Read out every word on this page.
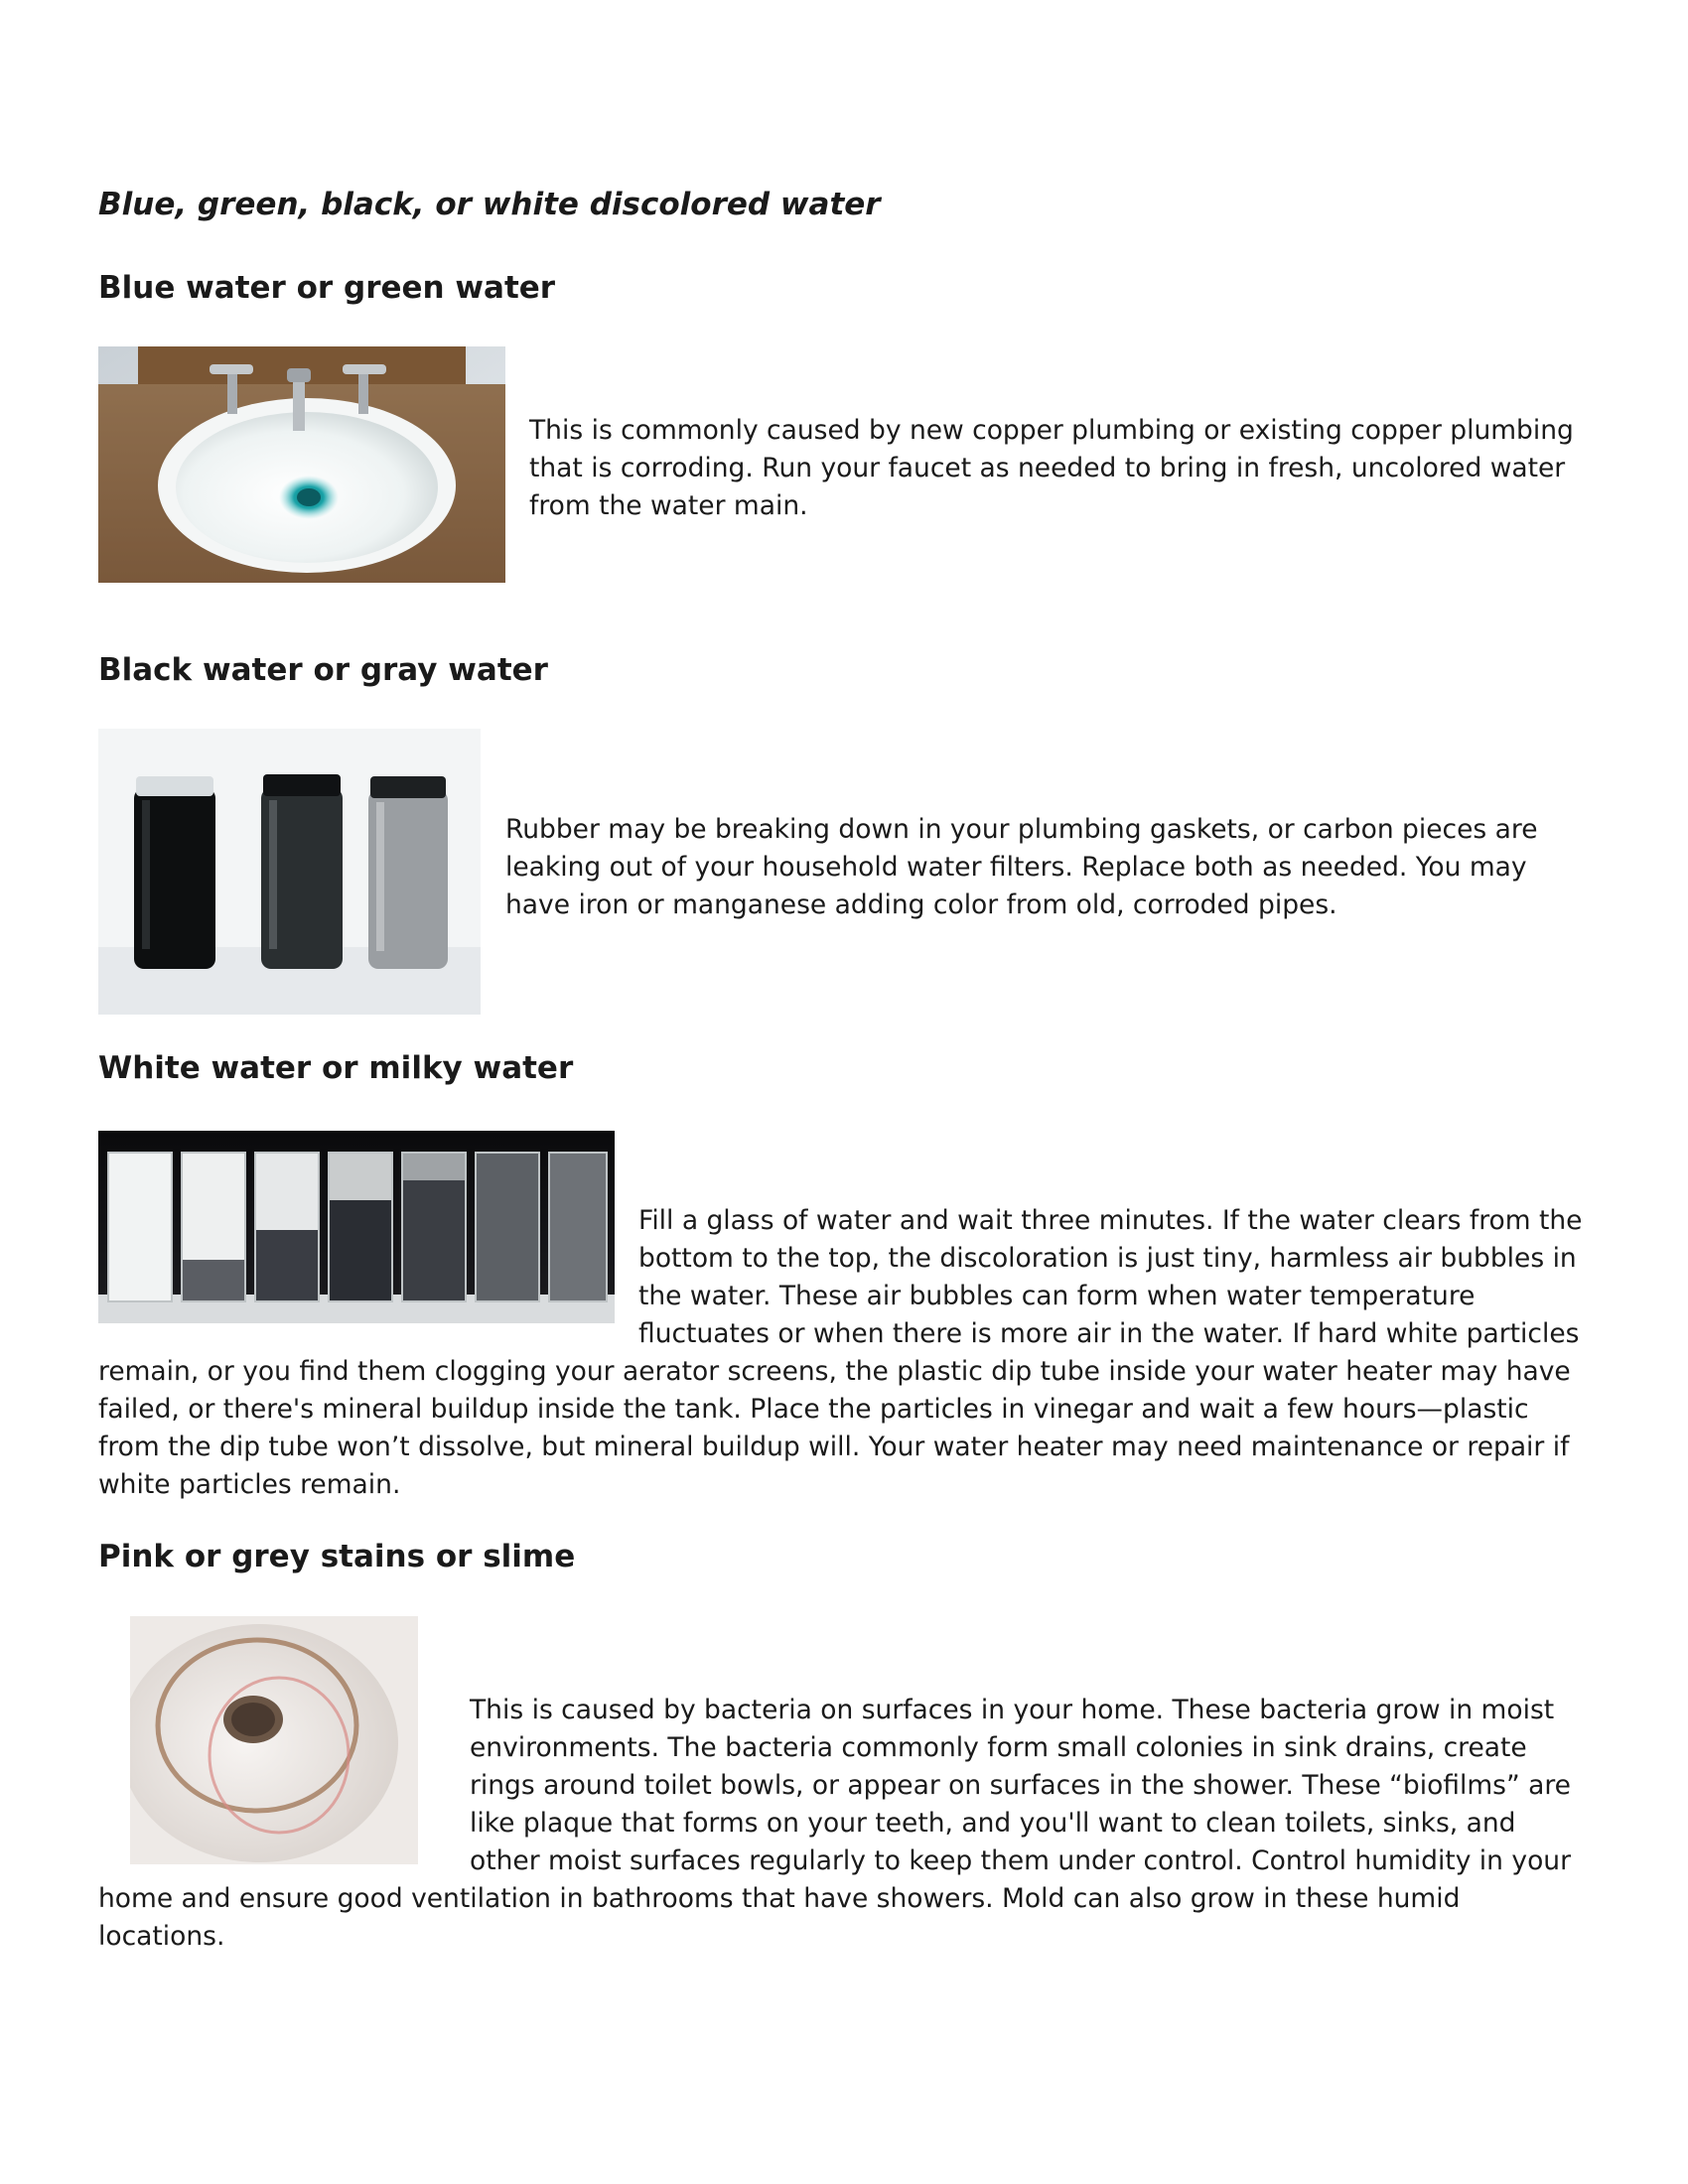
Blue, green, black, or white discolored water
Blue water or green water

This is commonly caused by new copper plumbing or existing copper plumbing that is corroding. Run your faucet as needed to bring in fresh, uncolored water from the water main.

Black water or gray water

Rubber may be breaking down in your plumbing gaskets, or carbon pieces are leaking out of your household water filters. Replace both as needed. You may have iron or manganese adding color from old, corroded pipes.

White water or milky water

Fill a glass of water and wait three minutes. If the water clears from the bottom to the top, the discoloration is just tiny, harmless air bubbles in the water. These air bubbles can form when water temperature fluctuates or when there is more air in the water. If hard white particles remain, or you find them clogging your aerator screens, the plastic dip tube inside your water heater may have failed, or there's mineral buildup inside the tank. Place the particles in vinegar and wait a few hours—plastic from the dip tube won’t dissolve, but mineral buildup will. Your water heater may need maintenance or repair if white particles remain.

Pink or grey stains or slime

This is caused by bacteria on surfaces in your home. These bacteria grow in moist environments. The bacteria commonly form small colonies in sink drains, create rings around toilet bowls, or appear on surfaces in the shower. These “biofilms” are like plaque that forms on your teeth, and you'll want to clean toilets, sinks, and other moist surfaces regularly to keep them under control. Control humidity in your home and ensure good ventilation in bathrooms that have showers. Mold can also grow in these humid locations.
